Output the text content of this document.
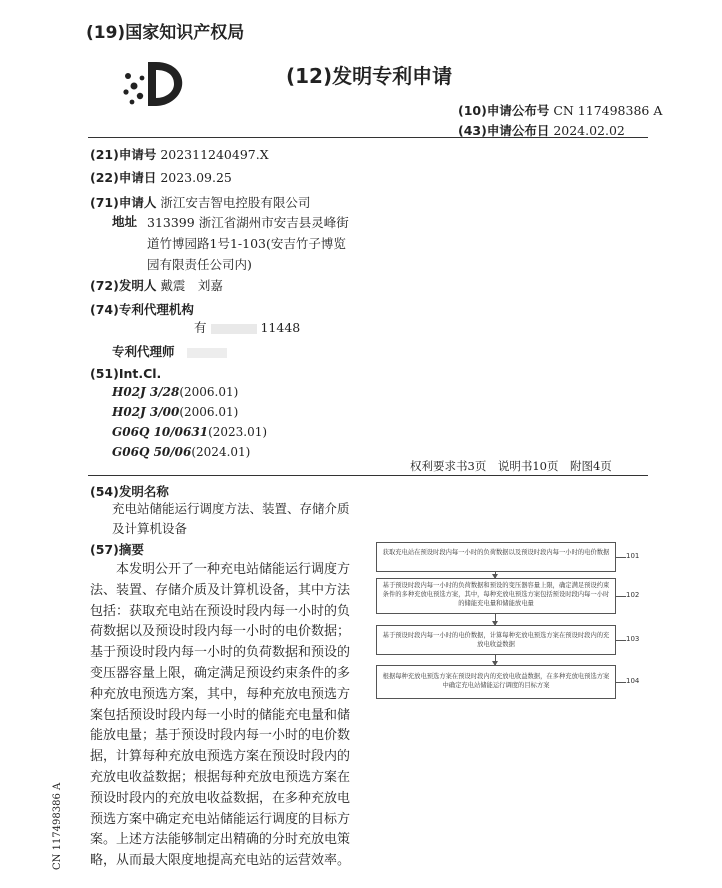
(19)国家知识产权局
(12)发明专利申请
(10)申请公布号 CN 117498386 A
(43)申请公布日 2024.02.02
(21)申请号 202311240497.X
(22)申请日 2023.09.25
(71)申请人 浙江安吉智电控股有限公司
地址 313399 浙江省湖州市安吉县灵峰街
道竹博园路1号1-103(安吉竹子博览
园有限责任公司内)
(72)发明人 戴震　刘嘉
(74)专利代理机构
有	11448
专利代理师
(51)Int.Cl.
H02J 3/28(2006.01)
H02J 3/00(2006.01)
G06Q 10/0631(2023.01)
G06Q 50/06(2024.01)
权利要求书3页　说明书10页　附图4页
(54)发明名称
充电站储能运行调度方法、装置、存储介质
及计算机设备
(57)摘要

本发明公开了一种充电站储能运行调度方法、装置、存储介质及计算机设备，其中方法包括：获取充电站在预设时段内每一小时的负荷数据以及预设时段内每一小时的电价数据；基于预设时段内每一小时的负荷数据和预设的变压器容量上限，确定满足预设约束条件的多种充放电预选方案，其中，每种充放电预选方案包括预设时段内每一小时的储能充电量和储能放电量；基于预设时段内每一小时的电价数据，计算每种充放电预选方案在预设时段内的充放电收益数据；根据每种充放电预选方案在预设时段内的充放电收益数据，在多种充放电预选方案中确定充电站储能运行调度的目标方案。上述方法能够制定出精确的分时充放电策略，从而最大限度地提高充电站的运营效率。

获取充电站在预设时段内每一小时的负荷数据以及预设时段内每一小时的电价数据	101
基于预设时段内每一小时的负荷数据和预设的变压器容量上限，确定满足预设约束条件的多种充放电预选方案，其中，每种充放电预选方案包括预设时段内每一小时的储能充电量和储能放电量
102
基于预设时段内每一小时的电价数据，计算每种充放电预选方案在预设时段内的充放电收益数据
103
根据每种充放电预选方案在预设时段内的充放电收益数据，在多种充放电预选方案中确定充电站储能运行调度的目标方案
104
CN 117498386 A
